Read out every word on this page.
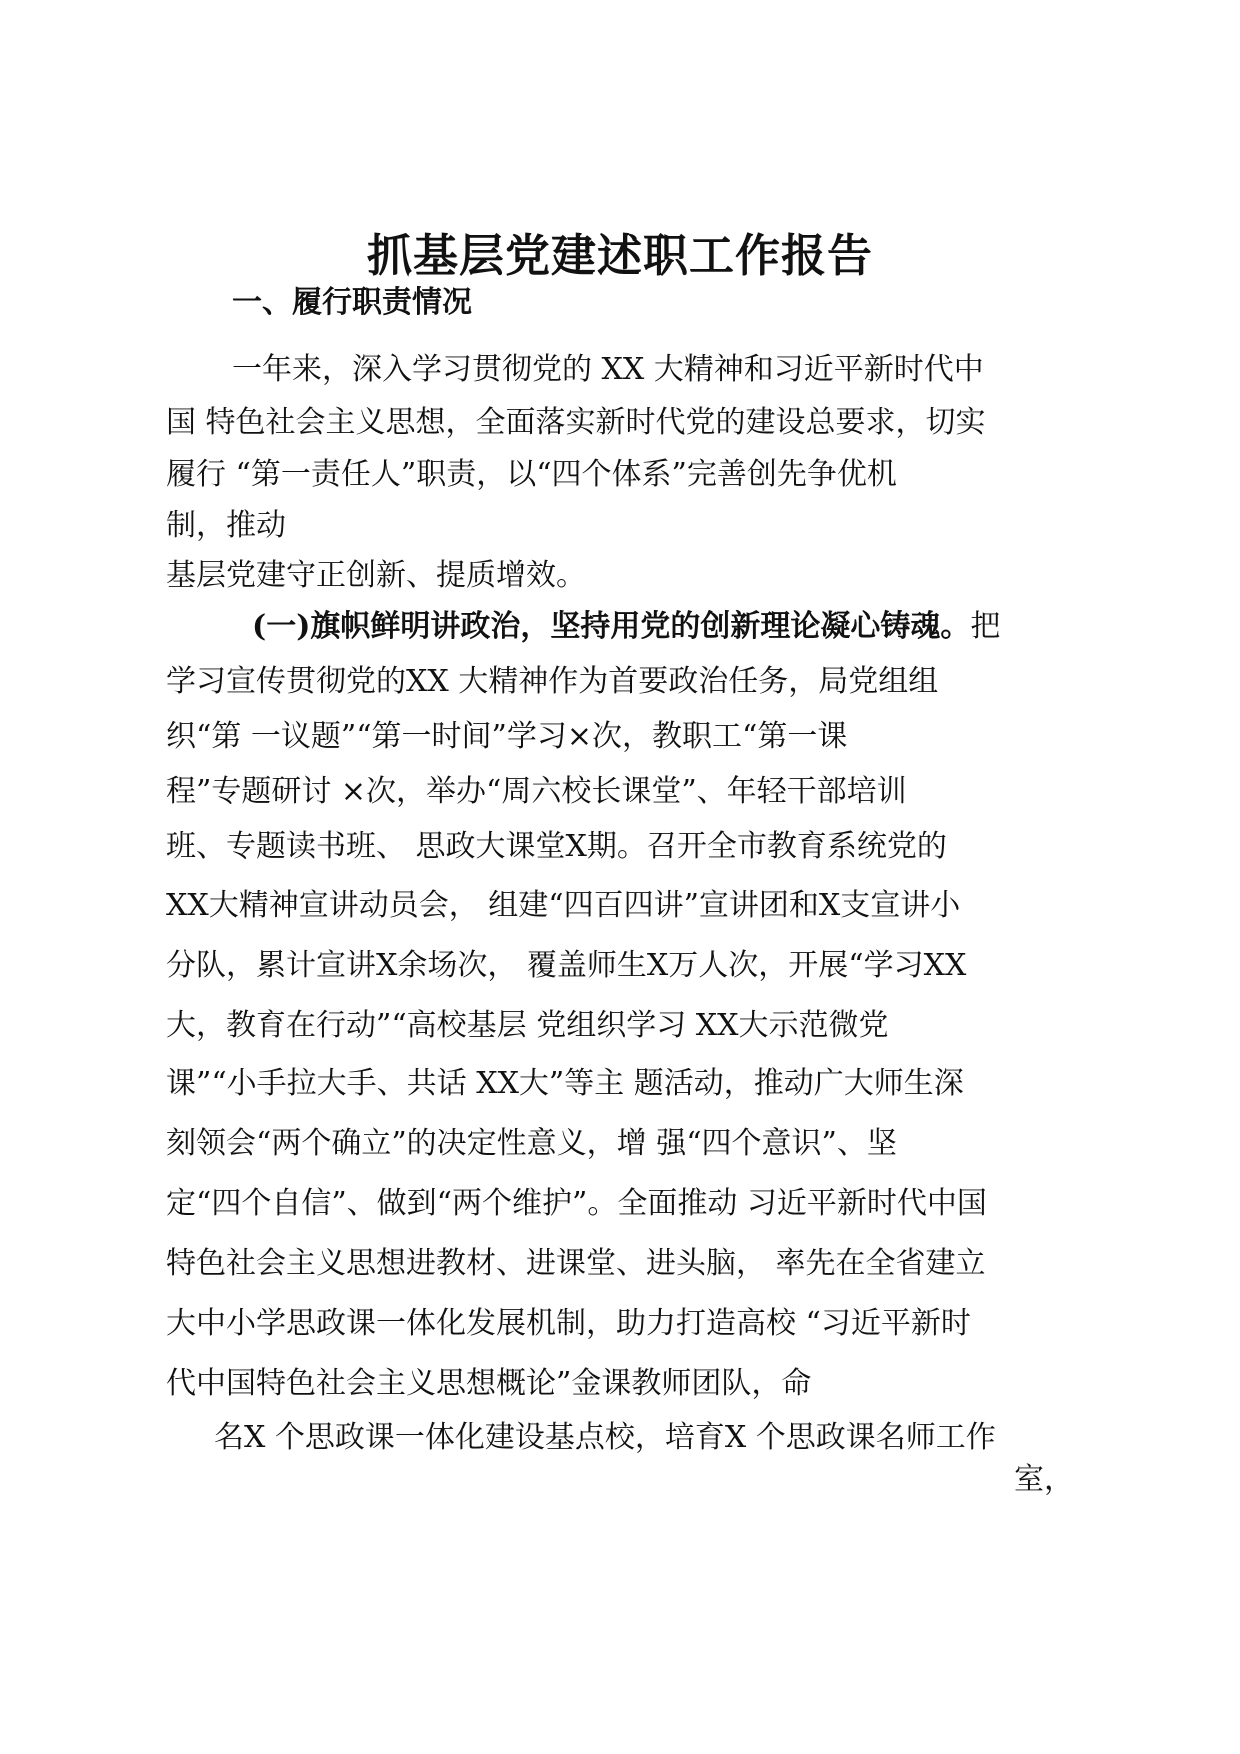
抓基层党建述职工作报告
一、履行职责情况

一年来，深入学习贯彻党的 XX 大精神和习近平新时代中

国 特色社会主义思想，全面落实新时代党的建设总要求，切实

履行 “第一责任人”职责，以“四个体系”完善创先争优机

制，推动

基层党建守正创新、提质增效。

(一)旗帜鲜明讲政治，坚持用党的创新理论凝心铸魂。把

学习宣传贯彻党的XX 大精神作为首要政治任务，局党组组

织“第 一议题”“第一时间”学习×次，教职工“第一课

程”专题研讨 ×次，举办“周六校长课堂”、年轻干部培训

班、专题读书班、 思政大课堂X期。召开全市教育系统党的

XX大精神宣讲动员会， 组建“四百四讲”宣讲团和X支宣讲小

分队，累计宣讲X余场次， 覆盖师生X万人次，开展“学习XX

大，教育在行动”“高校基层 党组织学习 XX大示范微党

课”“小手拉大手、共话 XX大”等主 题活动，推动广大师生深

刻领会“两个确立”的决定性意义，增 强“四个意识”、坚

定“四个自信”、做到“两个维护”。全面推动 习近平新时代中国

特色社会主义思想进教材、进课堂、进头脑， 率先在全省建立

大中小学思政课一体化发展机制，助力打造高校 “习近平新时

代中国特色社会主义思想概论”金课教师团队，命

名X 个思政课一体化建设基点校，培育X 个思政课名师工作

室，
